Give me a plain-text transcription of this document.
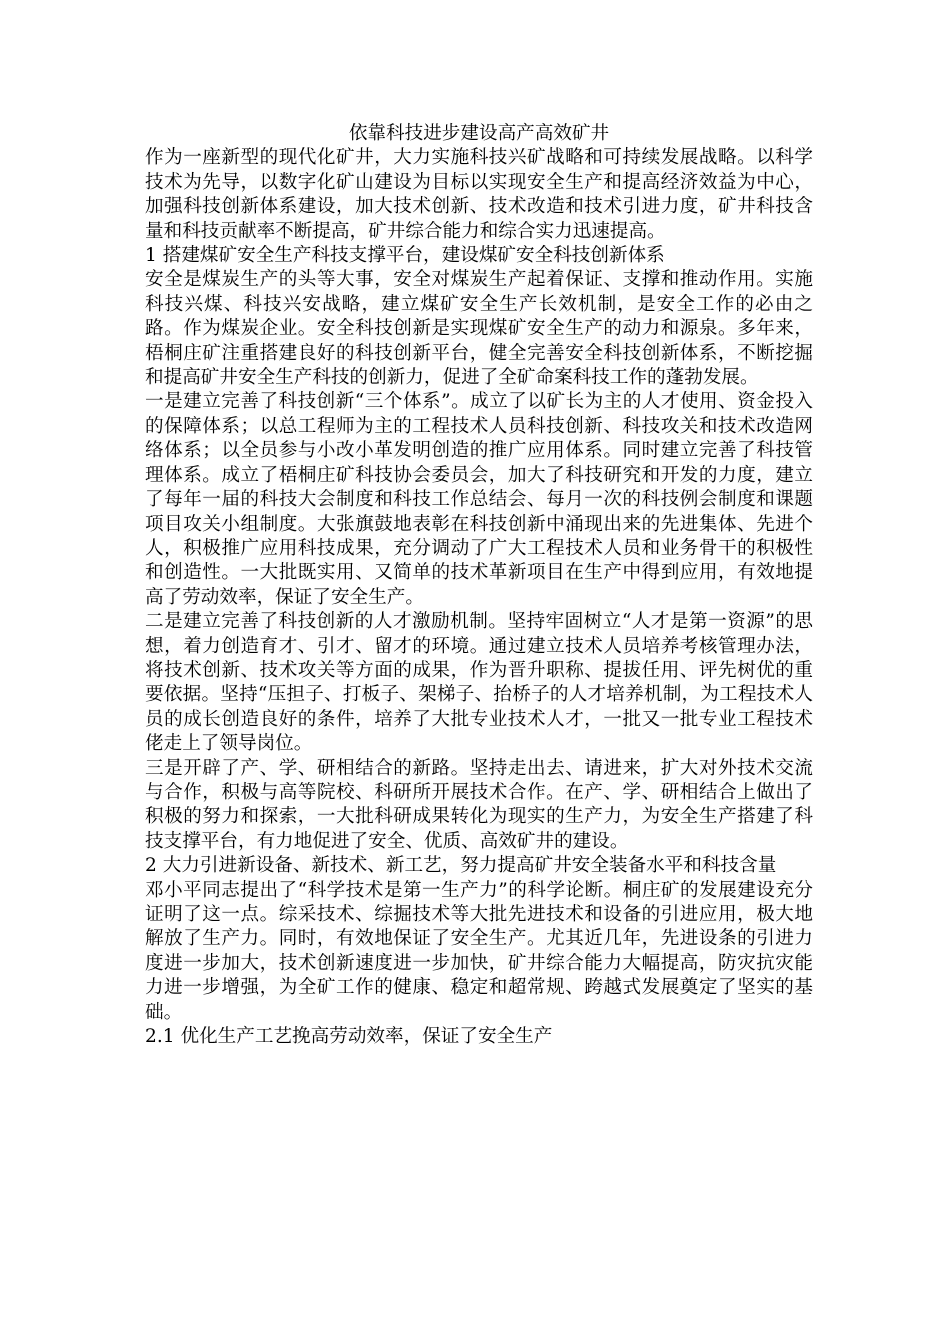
依靠科技进步建设高产高效矿井

作为一座新型的现代化矿井，大力实施科技兴矿战略和可持续发展战略。以科学技术为先导，以数字化矿山建设为目标以实现安全生产和提高经济效益为中心，加强科技创新体系建设，加大技术创新、技术改造和技术引进力度，矿井科技含量和科技贡献率不断提高，矿井综合能力和综合实力迅速提高。

1 搭建煤矿安全生产科技支撑平台，建设煤矿安全科技创新体系

安全是煤炭生产的头等大事，安全对煤炭生产起着保证、支撑和推动作用。实施科技兴煤、科技兴安战略，建立煤矿安全生产长效机制，是安全工作的必由之路。作为煤炭企业。安全科技创新是实现煤矿安全生产的动力和源泉。多年来，梧桐庄矿注重搭建良好的科技创新平台，健全完善安全科技创新体系，不断挖掘和提高矿井安全生产科技的创新力，促进了全矿命案科技工作的蓬勃发展。

一是建立完善了科技创新“三个体系”。成立了以矿长为主的人才使用、资金投入的保障体系；以总工程师为主的工程技术人员科技创新、科技攻关和技术改造网络体系；以全员参与小改小革发明创造的推广应用体系。同时建立完善了科技管理体系。成立了梧桐庄矿科技协会委员会，加大了科技研究和开发的力度，建立了每年一届的科技大会制度和科技工作总结会、每月一次的科技例会制度和课题项目攻关小组制度。大张旗鼓地表彰在科技创新中涌现出来的先进集体、先进个人，积极推广应用科技成果，充分调动了广大工程技术人员和业务骨干的积极性和创造性。一大批既实用、又简单的技术革新项目在生产中得到应用，有效地提高了劳动效率，保证了安全生产。

二是建立完善了科技创新的人才激励机制。坚持牢固树立“人才是第一资源”的思想，着力创造育才、引才、留才的环境。通过建立技术人员培养考核管理办法，将技术创新、技术攻关等方面的成果，作为晋升职称、提拔任用、评先树优的重要依据。坚持“压担子、打板子、架梯子、抬桥子的人才培养机制，为工程技术人员的成长创造良好的条件，培养了大批专业技术人才，一批又一批专业工程技术佬走上了领导岗位。

三是开辟了产、学、研相结合的新路。坚持走出去、请进来，扩大对外技术交流与合作，积极与高等院校、科研所开展技术合作。在产、学、研相结合上做出了积极的努力和探索，一大批科研成果转化为现实的生产力，为安全生产搭建了科技支撑平台，有力地促进了安全、优质、高效矿井的建设。

2 大力引进新设备、新技术、新工艺，努力提高矿井安全装备水平和科技含量

邓小平同志提出了“科学技术是第一生产力”的科学论断。桐庄矿的发展建设充分证明了这一点。综采技术、综掘技术等大批先进技术和设备的引进应用，极大地解放了生产力。同时，有效地保证了安全生产。尤其近几年，先进设条的引进力度进一步加大，技术创新速度进一步加快，矿井综合能力大幅提高，防灾抗灾能力进一步增强，为全矿工作的健康、稳定和超常规、跨越式发展奠定了坚实的基础。

2.1 优化生产工艺挽高劳动效率，保证了安全生产
